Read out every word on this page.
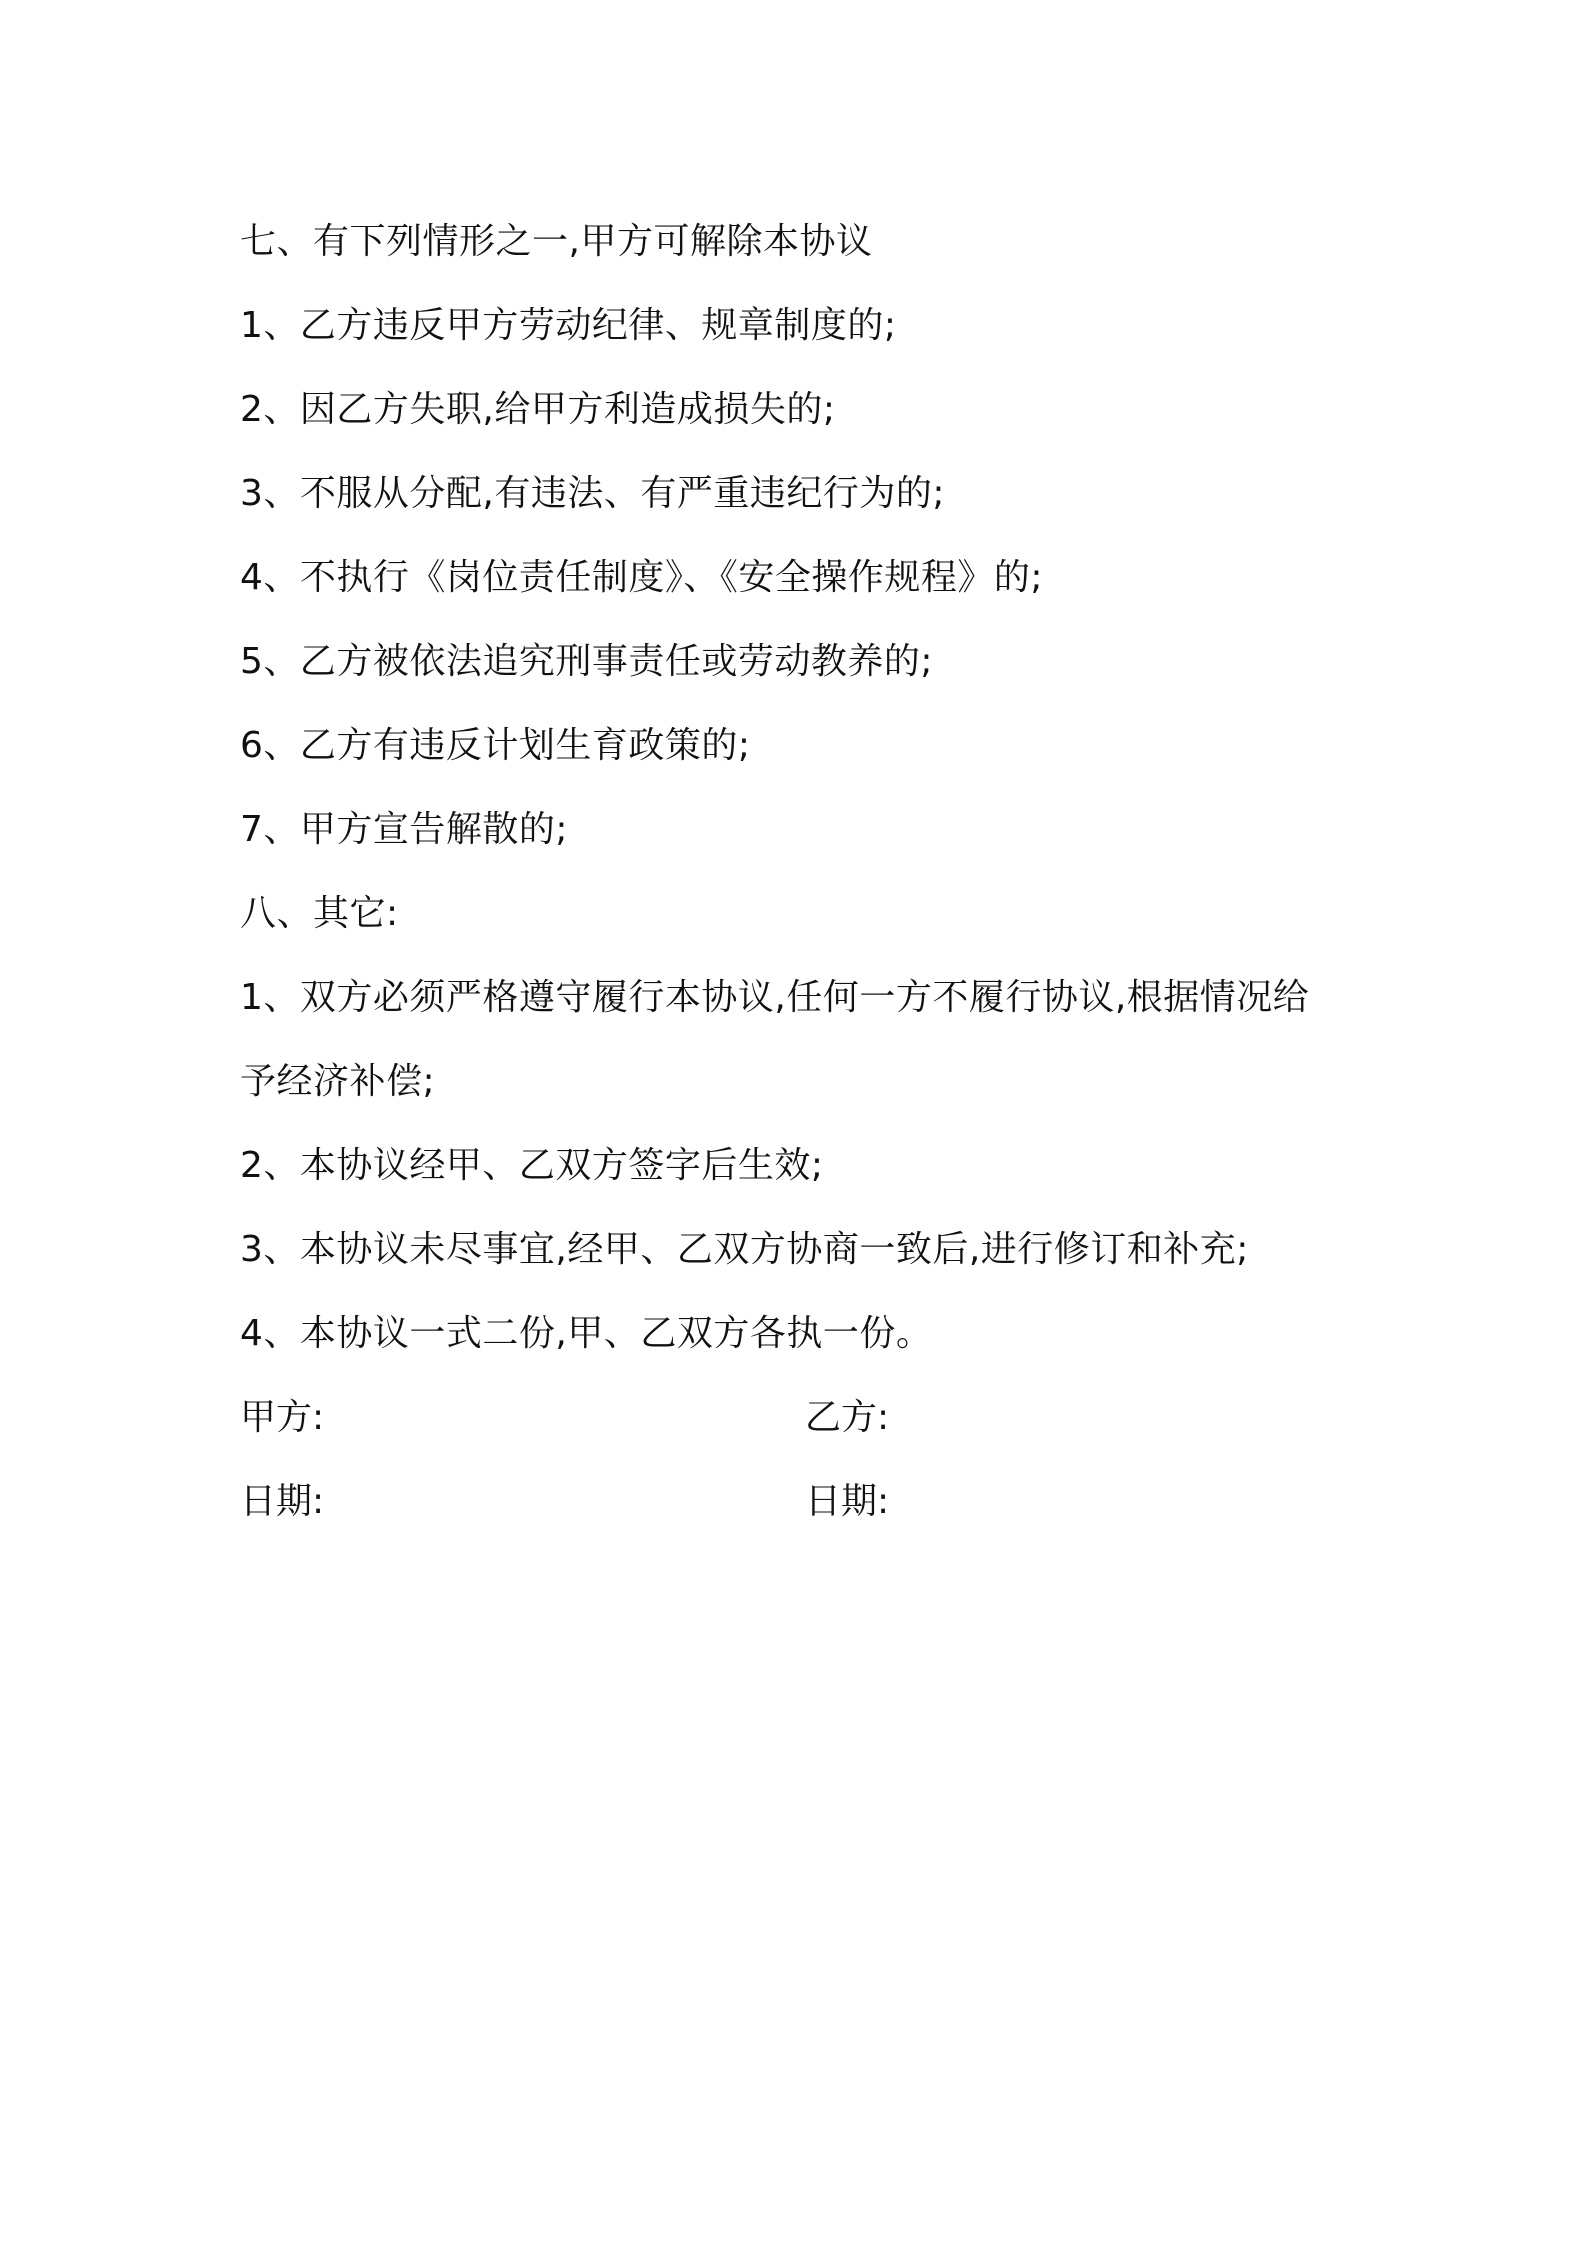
七、有下列情形之一,甲方可解除本协议
1、乙方违反甲方劳动纪律、规章制度的;
2、因乙方失职,给甲方利造成损失的;
3、不服从分配,有违法、有严重违纪行为的;
4、不执行《岗位责任制度》、《安全操作规程》的;
5、乙方被依法追究刑事责任或劳动教养的;
6、乙方有违反计划生育政策的;
7、甲方宣告解散的;
八、其它:
1、双方必须严格遵守履行本协议,任何一方不履行协议,根据情况给
予经济补偿;
2、本协议经甲、乙双方签字后生效;
3、本协议未尽事宜,经甲、乙双方协商一致后,进行修订和补充;
4、本协议一式二份,甲、乙双方各执一份。
甲方:	乙方:
日期:	日期:
